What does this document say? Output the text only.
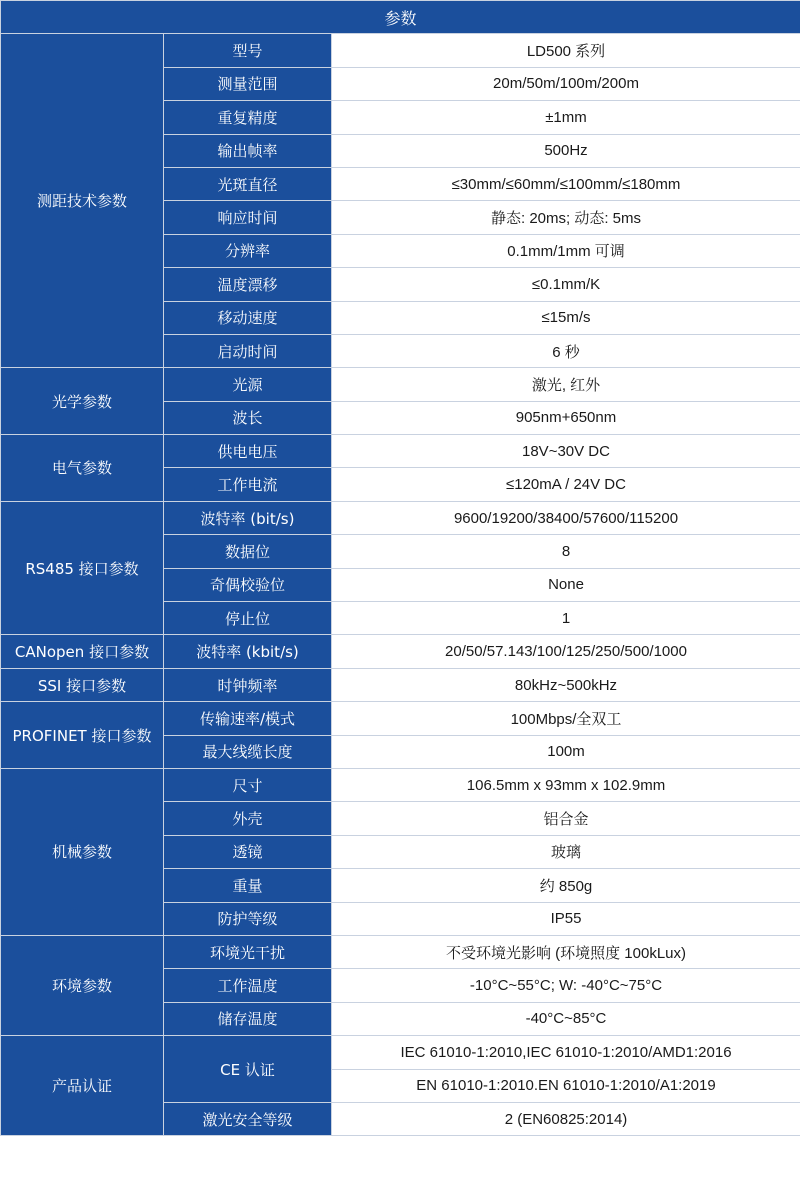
参数		
测距技术参数	型号	LD500 系列
	测量范围	20m/50m/100m/200m
	重复精度	±1mm
	输出帧率	500Hz
	光斑直径	≤30mm/≤60mm/≤100mm/≤180mm
	响应时间	静态: 20ms; 动态: 5ms
	分辨率	0.1mm/1mm 可调
	温度漂移	≤0.1mm/K
	移动速度	≤15m/s
	启动时间	6 秒
光学参数	光源	激光, 红外
	波长	905nm+650nm
电气参数	供电电压	18V~30V DC
	工作电流	≤120mA / 24V DC
RS485 接口参数	波特率 (bit/s)	9600/19200/38400/57600/115200
	数据位	8
	奇偶校验位	None
	停止位	1
CANopen 接口参数	波特率 (kbit/s)	20/50/57.143/100/125/250/500/1000
SSI 接口参数	时钟频率	80kHz~500kHz
PROFINET 接口参数	传输速率/模式	100Mbps/全双工
	最大线缆长度	100m
机械参数	尺寸	106.5mm x 93mm x 102.9mm
	外壳	铝合金
	透镜	玻璃
	重量	约 850g
	防护等级	IP55
环境参数	环境光干扰	不受环境光影响 (环境照度 100kLux)
	工作温度	-10°C~55°C; W: -40°C~75°C
	储存温度	-40°C~85°C
产品认证	CE 认证	IEC 61010-1:2010,IEC 61010-1:2010/AMD1:2016
		EN 61010-1:2010.EN 61010-1:2010/A1:2019
	激光安全等级	2 (EN60825:2014)
